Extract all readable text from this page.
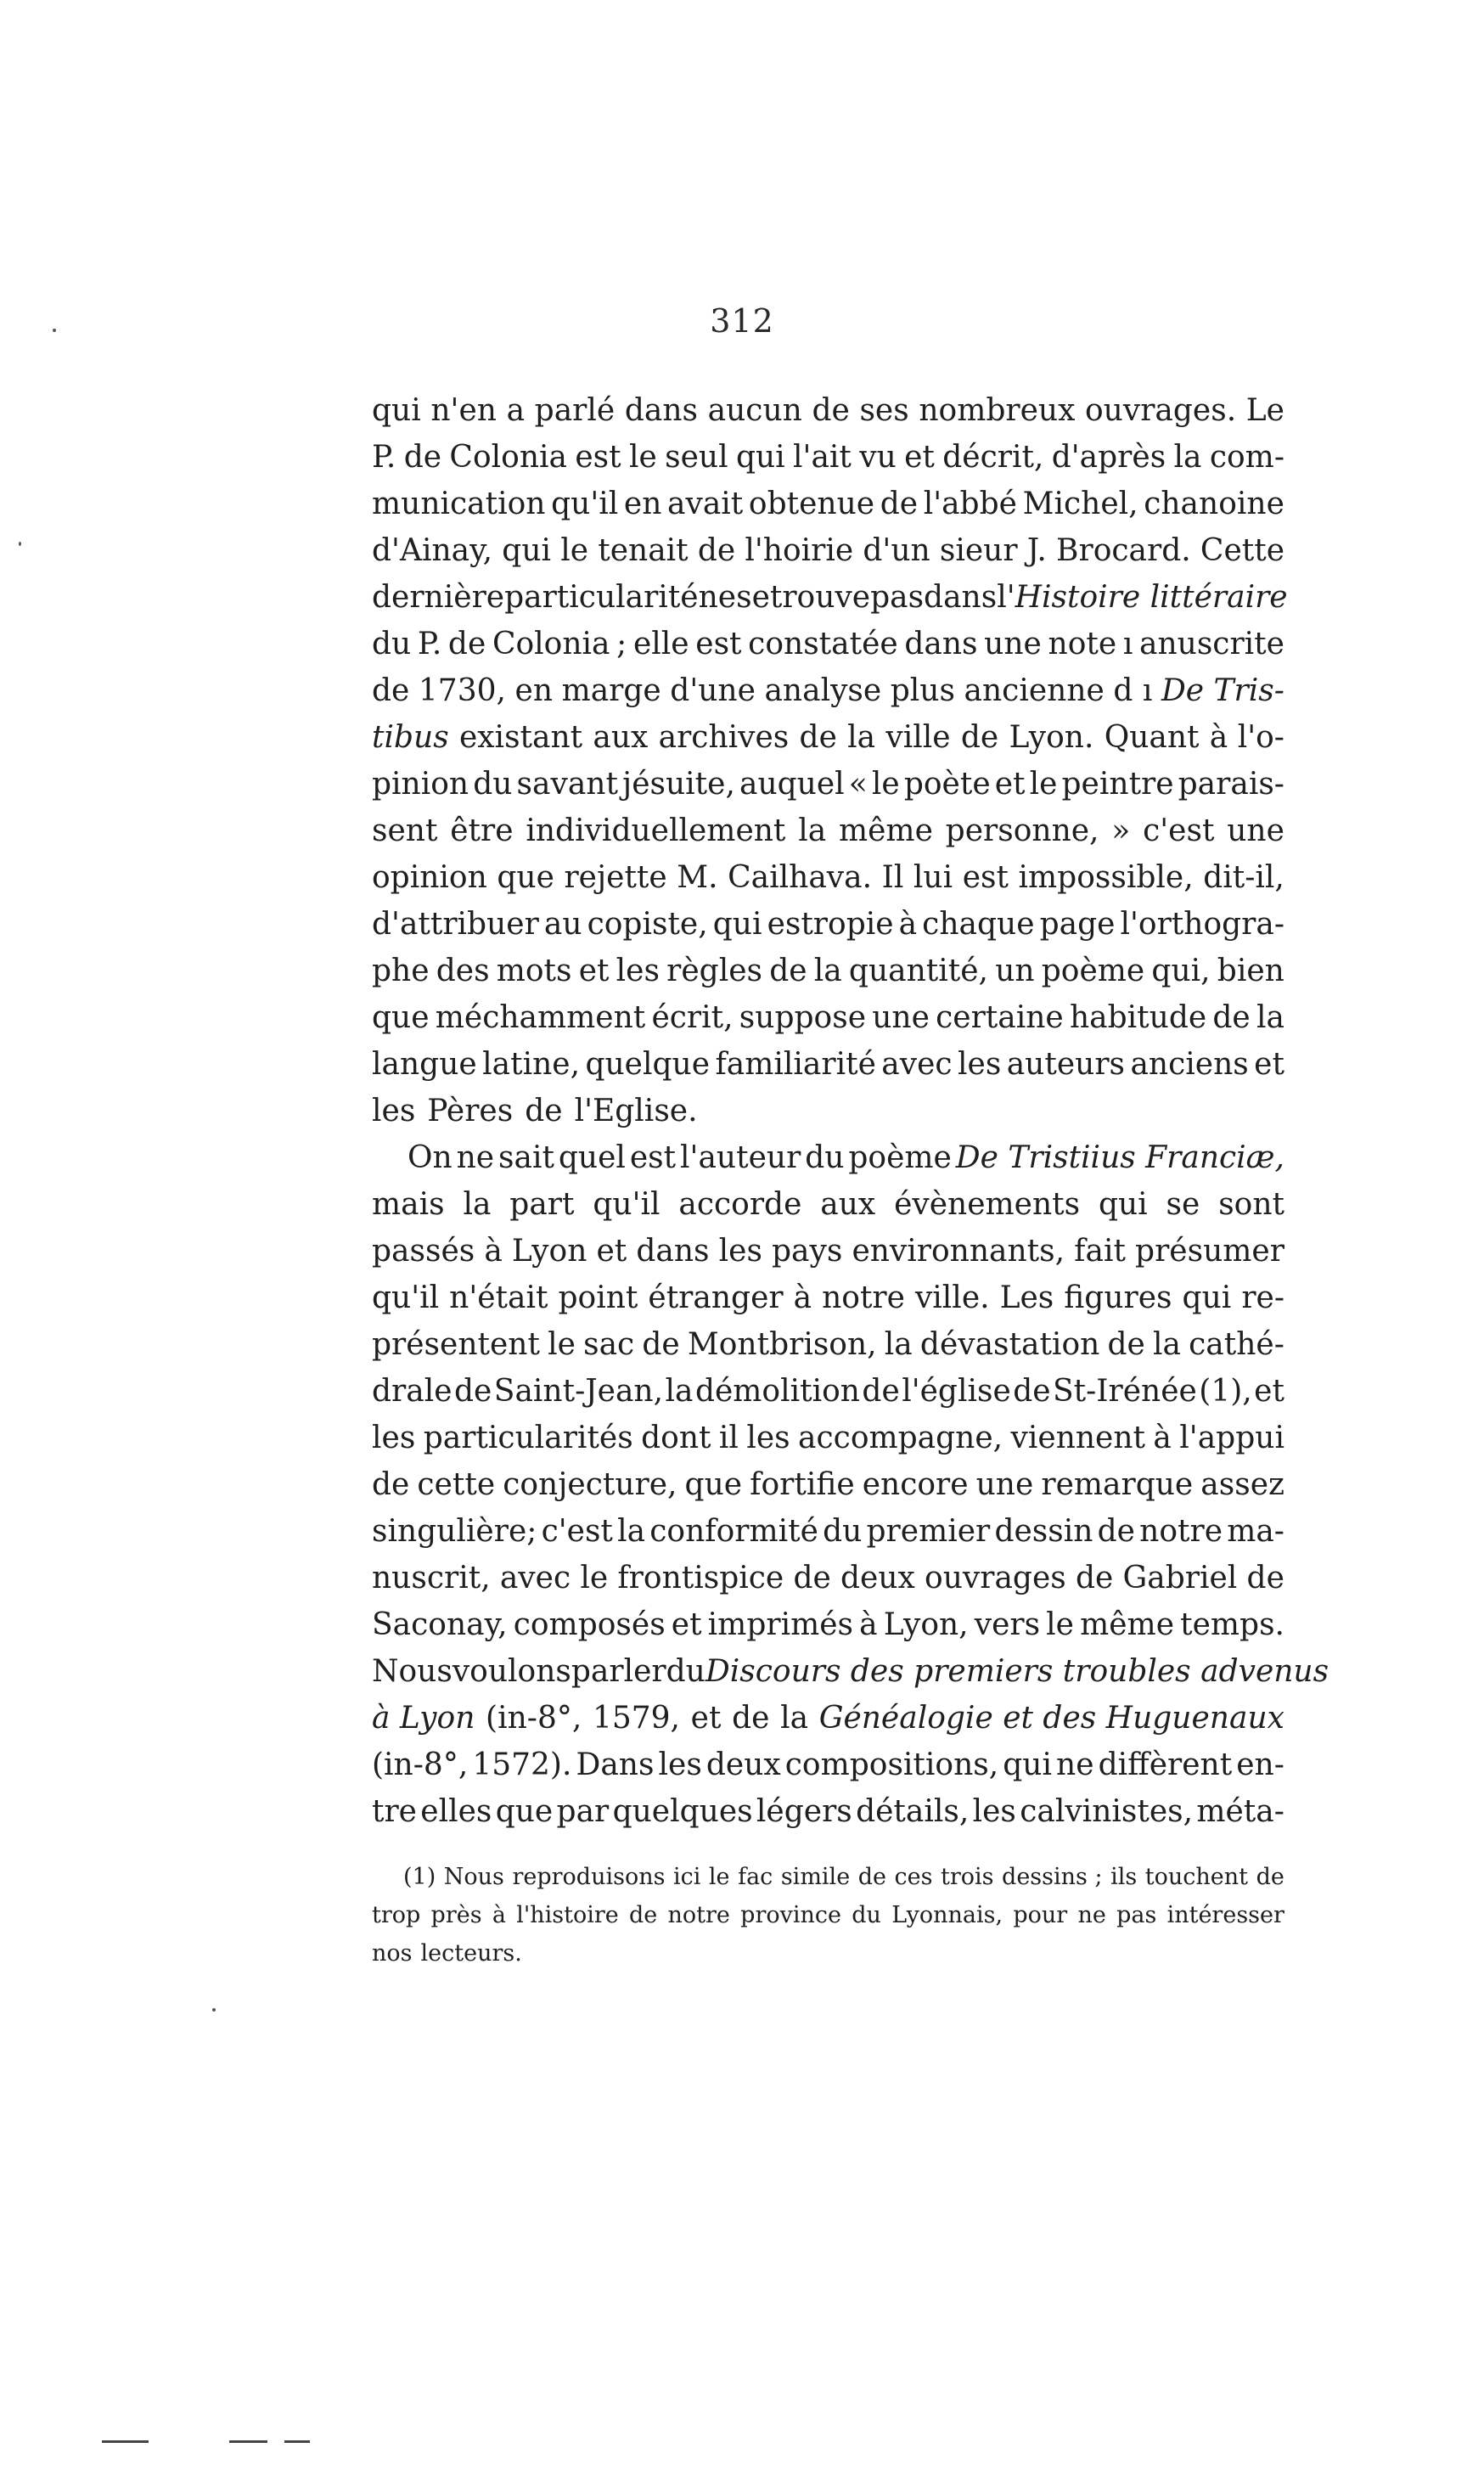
312
qui n'en a parlé dans aucun de ses nombreux ouvrages. Le
P. de Colonia est le seul qui l'ait vu et décrit, d'après la com-
munication qu'il en avait obtenue de l'abbé Michel, chanoine
d'Ainay, qui le tenait de l'hoirie d'un sieur J. Brocard. Cette
dernière particularité ne se trouve pas dans l' Histoire littéraire
du P. de Colonia ; elle est constatée dans une note ı anuscrite
de 1730, en marge d'une analyse plus ancienne d ı De Tris-
tibus existant aux archives de la ville de Lyon. Quant à l'o-
pinion du savant jésuite, auquel « le poète et le peintre parais-
sent être individuellement la même personne, » c'est une
opinion que rejette M. Cailhava. Il lui est impossible, dit-il,
d'attribuer au copiste, qui estropie à chaque page l'orthogra-
phe des mots et les règles de la quantité, un poème qui, bien
que méchamment écrit, suppose une certaine habitude de la
langue latine, quelque familiarité avec les auteurs anciens et
les Pères de l'Eglise.
On ne sait quel est l'auteur du poème De Tristiius Franciæ,
mais la part qu'il accorde aux évènements qui se sont
passés à Lyon et dans les pays environnants, fait présumer
qu'il n'était point étranger à notre ville. Les figures qui re-
présentent le sac de Montbrison, la dévastation de la cathé-
drale de Saint-Jean, la démolition de l'église de St-Irénée (1), et
les particularités dont il les accompagne, viennent à l'appui
de cette conjecture, que fortifie encore une remarque assez
singulière; c'est la conformité du premier dessin de notre ma-
nuscrit, avec le frontispice de deux ouvrages de Gabriel de
Saconay, composés et imprimés à Lyon, vers le même temps.
Nous voulons parler du Discours des premiers troubles advenus
à Lyon (in-8°, 1579, et de la Généalogie et des Huguenaux
(in-8°, 1572). Dans les deux compositions, qui ne diffèrent en-
tre elles que par quelques légers détails, les calvinistes, méta-
(1) Nous reproduisons ici le fac simile de ces trois dessins ; ils touchent de
trop près à l'histoire de notre province du Lyonnais, pour ne pas intéresser
nos lecteurs.
